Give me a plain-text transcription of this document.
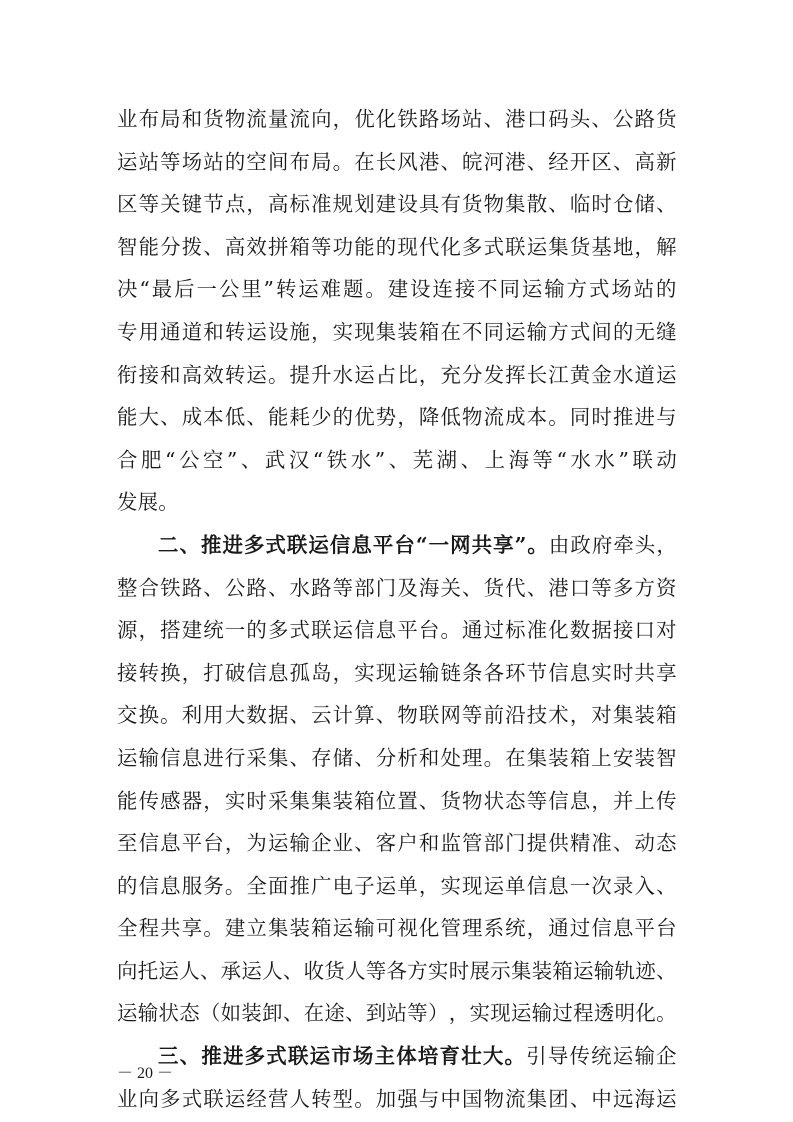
业 布 局 和 货 物 流 量 流 向 ， 优 化 铁 路 场 站 、 港 口 码 头 、 公 路 货
运 站 等 场 站 的 空 间 布 局 。 在 长 风 港 、 皖 河 港 、 经 开 区 、 高 新
区 等 关 键 节 点 ， 高 标 准 规 划 建 设 具 有 货 物 集 散 、 临 时 仓 储 、
智 能 分 拨 、 高 效 拼 箱 等 功 能 的 现 代 化 多 式 联 运 集 货 基 地 ， 解
决 “ 最 后 一 公 里 ” 转 运 难 题 。 建 设 连 接 不 同 运 输 方 式 场 站 的
专 用 通 道 和 转 运 设 施 ， 实 现 集 装 箱 在 不 同 运 输 方 式 间 的 无 缝
衔 接 和 高 效 转 运 。 提 升 水 运 占 比 ， 充 分 发 挥 长 江 黄 金 水 道 运
能 大 、 成 本 低 、 能 耗 少 的 优 势 ， 降 低 物 流 成 本 。 同 时 推 进 与
合 肥 “ 公 空 ” 、 武 汉 “ 铁 水 ” 、 芜 湖 、 上 海 等 “ 水 水 ” 联 动
发 展 。
二 、 推 进 多 式 联 运 信 息 平 台 “ 一 网 共 享 ” 。 由 政 府 牵 头 ，
整 合 铁 路 、 公 路 、 水 路 等 部 门 及 海 关 、 货 代 、 港 口 等 多 方 资
源 ， 搭 建 统 一 的 多 式 联 运 信 息 平 台 。 通 过 标 准 化 数 据 接 口 对
接 转 换 ， 打 破 信 息 孤 岛 ， 实 现 运 输 链 条 各 环 节 信 息 实 时 共 享
交 换 。 利 用 大 数 据 、 云 计 算 、 物 联 网 等 前 沿 技 术 ， 对 集 装 箱
运 输 信 息 进 行 采 集 、 存 储 、 分 析 和 处 理 。 在 集 装 箱 上 安 装 智
能 传 感 器 ， 实 时 采 集 集 装 箱 位 置 、 货 物 状 态 等 信 息 ， 并 上 传
至 信 息 平 台 ， 为 运 输 企 业 、 客 户 和 监 管 部 门 提 供 精 准 、 动 态
的 信 息 服 务 。 全 面 推 广 电 子 运 单 ， 实 现 运 单 信 息 一 次 录 入 、
全 程 共 享 。 建 立 集 装 箱 运 输 可 视 化 管 理 系 统 ， 通 过 信 息 平 台
向 托 运 人 、 承 运 人 、 收 货 人 等 各 方 实 时 展 示 集 装 箱 运 输 轨 迹 、
运 输 状 态 （ 如 装 卸 、 在 途 、 到 站 等 ） ， 实 现 运 输 过 程 透 明 化 。
三 、 推 进 多 式 联 运 市 场 主 体 培 育 壮 大 。 引 导 传 统 运 输 企
业 向 多 式 联 运 经 营 人 转 型 。 加 强 与 中 国 物 流 集 团 、 中 远 海 运
－ 20 －
